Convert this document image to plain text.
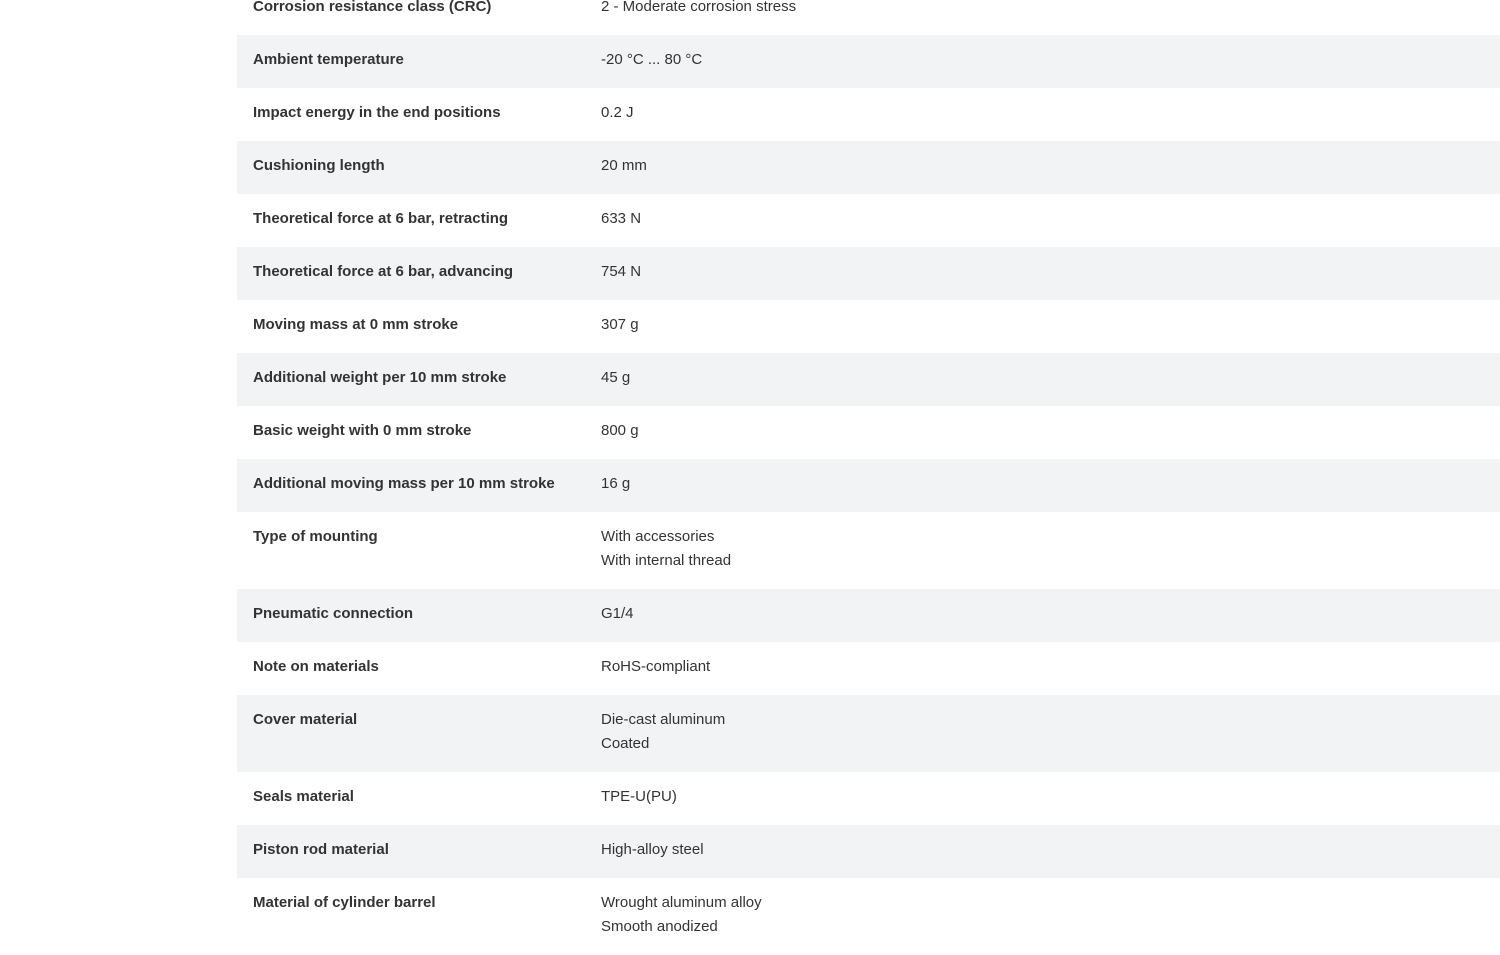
Corrosion resistance class (CRC)	2 - Moderate corrosion stress
Ambient temperature	-20 °C ... 80 °C
Impact energy in the end positions	0.2 J
Cushioning length	20 mm
Theoretical force at 6 bar, retracting	633 N
Theoretical force at 6 bar, advancing	754 N
Moving mass at 0 mm stroke	307 g
Additional weight per 10 mm stroke	45 g
Basic weight with 0 mm stroke	800 g
Additional moving mass per 10 mm stroke	16 g
Type of mounting	With accessories
With internal thread
Pneumatic connection	G1/4
Note on materials	RoHS-compliant
Cover material	Die-cast aluminum
Coated
Seals material	TPE-U(PU)
Piston rod material	High-alloy steel
Material of cylinder barrel	Wrought aluminum alloy
Smooth anodized
